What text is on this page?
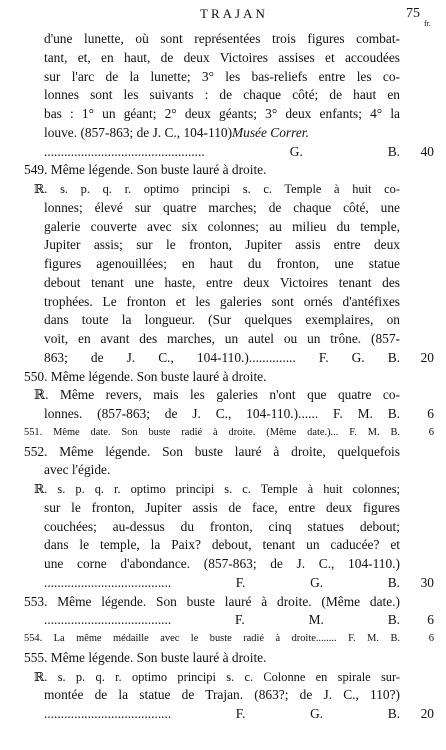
TRAJAN	75
fr.
d'une lunette, où sont représentées trois figures combat-
tant, et, en haut, de deux Victoires assises et accoudées
sur l'arc de la lunette; 3° les bas-reliefs entre les co-
lonnes sont les suivants : de chaque côté; de haut en
bas : 1° un géant; 2° deux géants; 3° deux enfants; 4° la
louve. (857-863; de J. C., 104-110) Musée Correr.
................................................ G. B.	40
549. Même légende. Son buste lauré à droite.
ℝ. s. p. q. r. optimo principi s. c. Temple à huit co-
lonnes; élevé sur quatre marches; de chaque côté, une
galerie couverte avec six colonnes; au milieu du temple,
Jupiter assis; sur le fronton, Jupiter assis entre deux
figures agenouillées; en haut du fronton, une statue
debout tenant une haste, entre deux Victoires tenant des
trophées. Le fronton et les galeries sont ornés d'antéfixes
dans toute la longueur. (Sur quelques exemplaires, on
voit, en avant des marches, un autel ou un trône. (857-
863; de J. C., 104-110.).............. F. G. B.	20
550. Même légende. Son buste lauré à droite.
ℝ. Même revers, mais les galeries n'ont que quatre co-
lonnes. (857-863; de J. C., 104-110.)...... F. M. B.	6
551. Même date. Son buste radié à droite. (Même date.)... F. M. B.	6
552. Même légende. Son buste lauré à droite, quelquefois
avec l'égide.
ℝ. s. p. q. r. optimo principi s. c. Temple à huit colonnes;
sur le fronton, Jupiter assis de face, entre deux figures
couchées; au-dessus du fronton, cinq statues debout;
dans le temple, la Paix? debout, tenant un caducée? et
une corne d'abondance. (857-863; de J. C., 104-110.)
...................................... F. G. B.	30
553. Même légende. Son buste lauré à droite. (Même date.)
...................................... F. M. B.	6
554. La même médaille avec le buste radié à droite........ F. M. B.	6
555. Même légende. Son buste lauré à droite.
ℝ. s. p. q. r. optimo principi s. c. Colonne en spirale sur-
montée de la statue de Trajan. (863?; de J. C., 110?)
...................................... F. G. B.	20
